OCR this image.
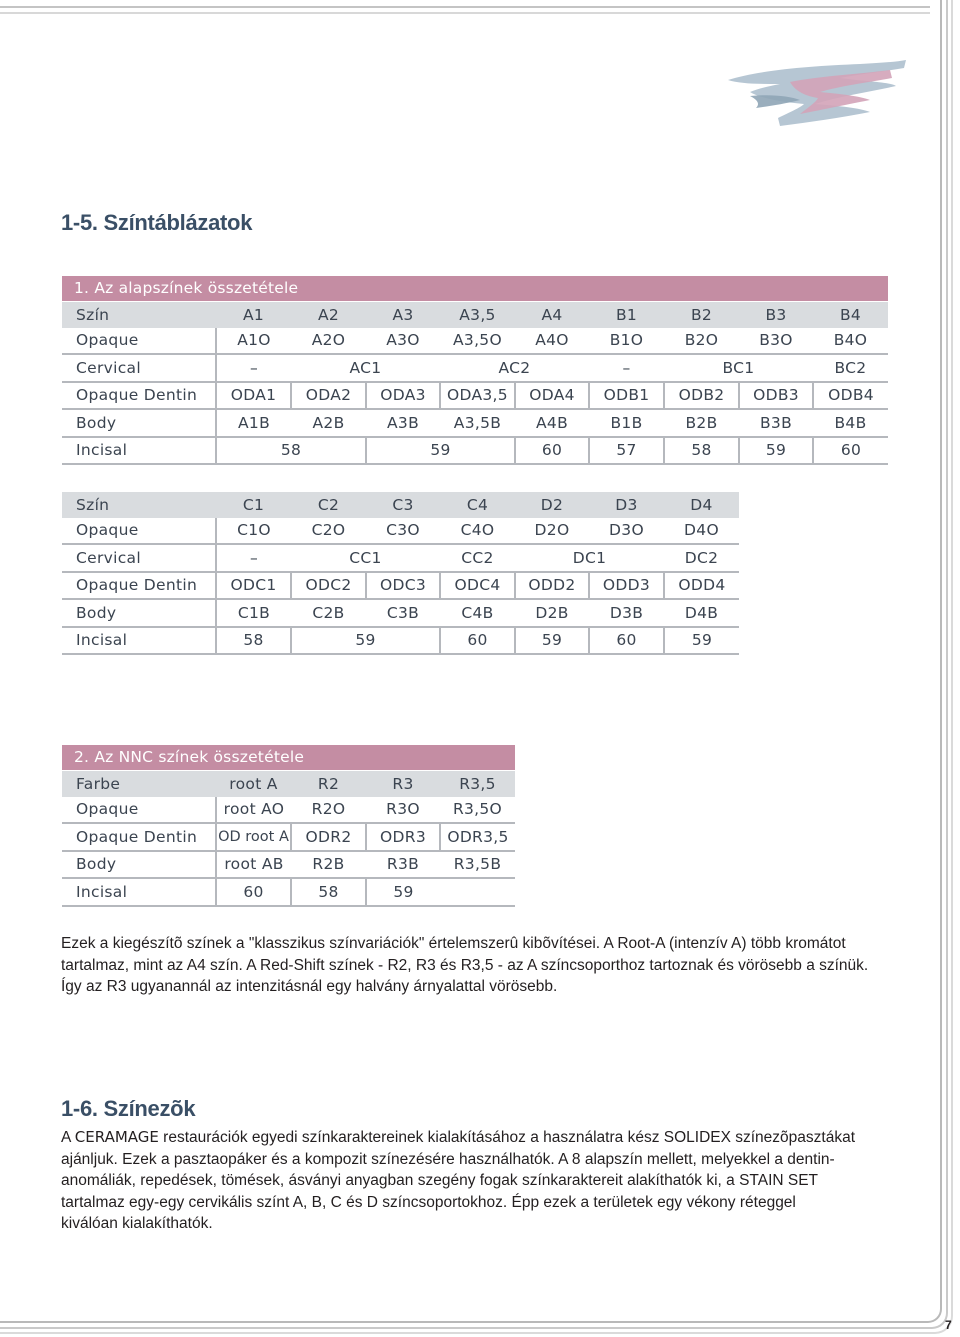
1-5. Színtáblázatok
1. Az alapszínek összetétele
Szín	A1	A2	A3	A3,5	A4	B1	B2	B3	B4
Opaque	A1O	A2O	A3O	A3,5O	A4O	B1O	B2O	B3O	B4O
Cervical	–	AC1		AC2		–	BC1		BC2
Opaque Dentin	ODA1	ODA2	ODA3	ODA3,5	ODA4	ODB1	ODB2	ODB3	ODB4
Body	A1B	A2B	A3B	A3,5B	A4B	B1B	B2B	B3B	B4B
Incisal	58		59		60	57	58	59	60
Szín	C1	C2	C3	C4	D2	D3	D4
Opaque	C1O	C2O	C3O	C4O	D2O	D3O	D4O
Cervical	–	CC1		CC2	DC1		DC2
Opaque Dentin	ODC1	ODC2	ODC3	ODC4	ODD2	ODD3	ODD4
Body	C1B	C2B	C3B	C4B	D2B	D3B	D4B
Incisal	58	59		60	59	60	59
2. Az NNC színek összetétele
Farbe	root A	R2	R3	R3,5
Opaque	root AO	R2O	R3O	R3,5O
Opaque Dentin	OD root A	ODR2	ODR3	ODR3,5
Body	root AB	R2B	R3B	R3,5B
Incisal	60	58	59	

Ezek a kiegészítõ színek a "klasszikus színvariációk" értelemszerû kibõvítései. A Root-A (intenzív A) több kromátot
tartalmaz, mint az A4 szín. A Red-Shift színek - R2, R3 és R3,5 - az A színcsoporthoz tartoznak és vörösebb a színük.
Így az R3 ugyanannál az intenzitásnál egy halvány árnyalattal vörösebb.

1-6. Színezõk

A CERAMAGE restaurációk egyedi színkaraktereinek kialakításához a használatra kész SOLIDEX színezõpasztákat
ajánljuk. Ezek a pasztaopáker és a kompozit színezésére használhatók. A 8 alapszín mellett, melyekkel a dentin-
anomáliák, repedések, tömések, ásványi anyagban szegény fogak színkaraktereit alakíthatók ki, a STAIN SET
tartalmaz egy-egy cervikális színt A, B, C és D színcsoportokhoz. Épp ezek a területek egy vékony réteggel
kiválóan kialakíthatók.

7
